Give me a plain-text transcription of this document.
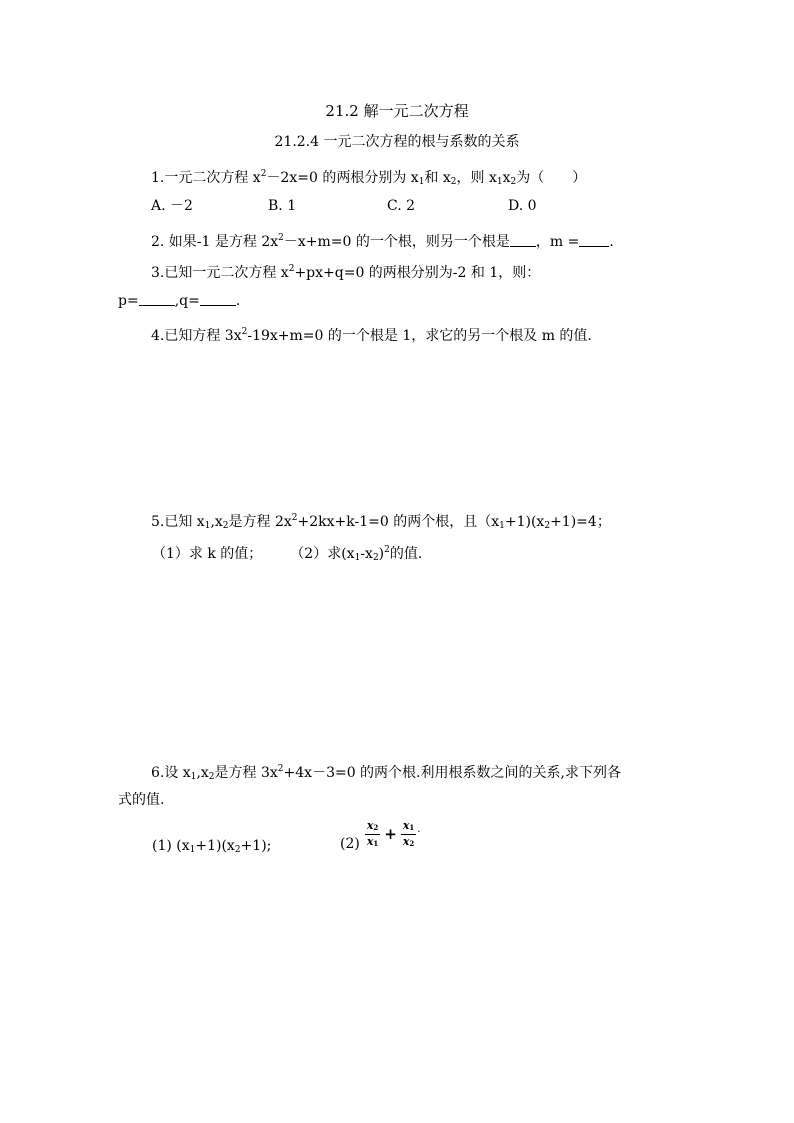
21.2 解一元二次方程
21.2.4 一元二次方程的根与系数的关系
1.一元二次方程 $x^2-2x=0$ 的两根分别为 $x_1$和 $x_2$，则 $x_1x_2$为（　　）
A. －2	B. 1	C. 2	D. 0
2. 如果-1 是方程 $2x^2-x+m=0$ 的一个根，则另一个根是 ，m = .
3.已知一元二次方程 $x^2+px+q=0$ 的两根分别为-2 和 1，则：
p=	,q=	.
4.已知方程 $3x^2-19x+m=0$ 的一个根是 1，求它的另一个根及 m 的值.
5.已知 $x_1,x_2$是方程 $2x^2+2kx+k-1=0$ 的两个根，且$(x_1+1)(x_2+1)=4$；
（1）求 k 的值； （2）求$(x_1-x_2)^2$的值.
6.设 $x_1,x_2$是方程 $3x^2+4x-3=0$ 的两个根.利用根系数之间的关系,求下列各
式的值.
(1) $(x_1+1)(x_2+1)$;	$(2) \frac{x_2}{x_1} + \frac{x_1}{x_2}$ .
